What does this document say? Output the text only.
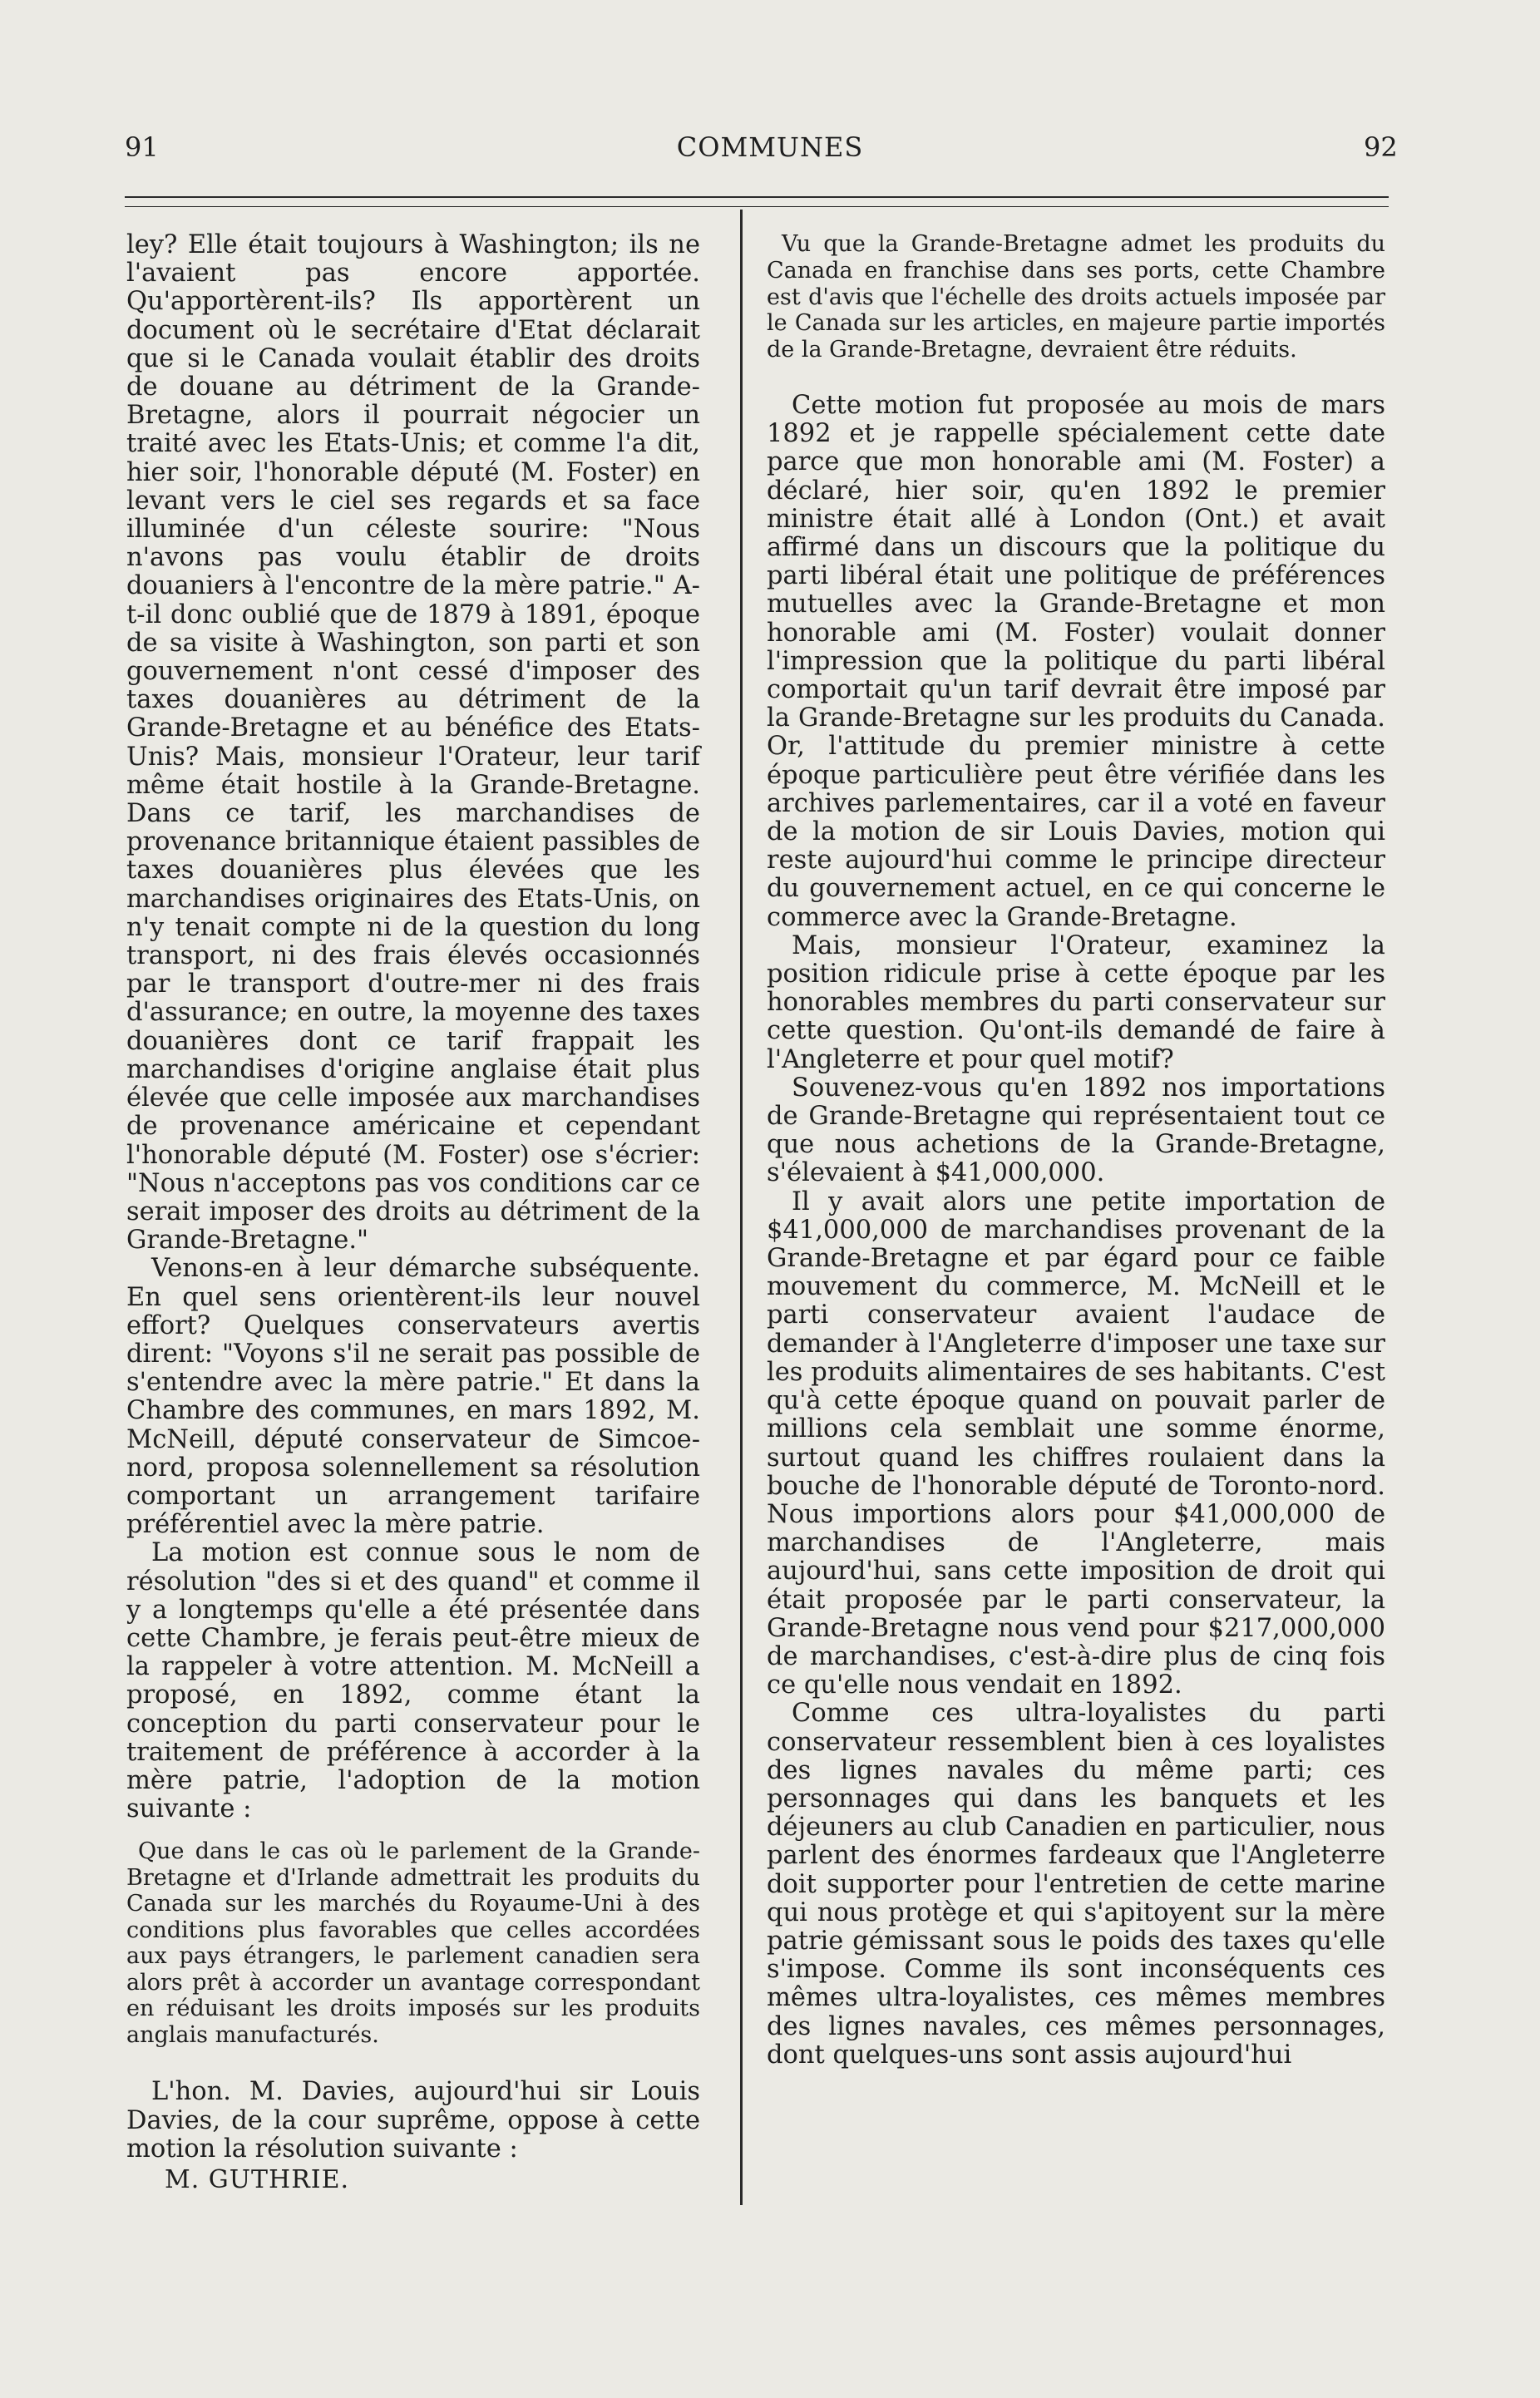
COMMUNES
91	92

ley? Elle était toujours à Washington; ils ne l'avaient pas encore apportée. Qu'apportèrent-ils? Ils apportèrent un document où le secrétaire d'Etat déclarait que si le Canada voulait établir des droits de douane au détriment de la Grande-Bretagne, alors il pourrait négocier un traité avec les Etats-Unis; et comme l'a dit, hier soir, l'honorable député (M. Foster) en levant vers le ciel ses regards et sa face illuminée d'un céleste sourire: "Nous n'avons pas voulu établir de droits douaniers à l'encontre de la mère patrie." A-t-il donc oublié que de 1879 à 1891, époque de sa visite à Washington, son parti et son gouvernement n'ont cessé d'imposer des taxes douanières au détriment de la Grande-Bretagne et au bénéfice des Etats-Unis? Mais, monsieur l'Orateur, leur tarif même était hostile à la Grande-Bretagne. Dans ce tarif, les marchandises de provenance britannique étaient passibles de taxes douanières plus élevées que les marchandises originaires des Etats-Unis, on n'y tenait compte ni de la question du long transport, ni des frais élevés occasionnés par le transport d'outre-mer ni des frais d'assurance; en outre, la moyenne des taxes douanières dont ce tarif frappait les marchandises d'origine anglaise était plus élevée que celle imposée aux marchandises de provenance américaine et cependant l'honorable député (M. Foster) ose s'écrier: "Nous n'acceptons pas vos conditions car ce serait imposer des droits au détriment de la Grande-Bretagne."

Venons-en à leur démarche subséquente. En quel sens orientèrent-ils leur nouvel effort? Quelques conservateurs avertis dirent: "Voyons s'il ne serait pas possible de s'entendre avec la mère patrie." Et dans la Chambre des communes, en mars 1892, M. McNeill, député conservateur de Simcoe-nord, proposa solennellement sa résolution comportant un arrangement tarifaire préférentiel avec la mère patrie.

La motion est connue sous le nom de résolution "des si et des quand" et comme il y a longtemps qu'elle a été présentée dans cette Chambre, je ferais peut-être mieux de la rappeler à votre attention. M. McNeill a proposé, en 1892, comme étant la conception du parti conservateur pour le traitement de préférence à accorder à la mère patrie, l'adoption de la motion suivante :

Que dans le cas où le parlement de la Grande-Bretagne et d'Irlande admettrait les produits du Canada sur les marchés du Royaume-Uni à des conditions plus favorables que celles accordées aux pays étrangers, le parlement canadien sera alors prêt à accorder un avantage correspondant en réduisant les droits imposés sur les produits anglais manufacturés.

L'hon. M. Davies, aujourd'hui sir Louis Davies, de la cour suprême, oppose à cette motion la résolution suivante :

M. GUTHRIE.

Vu que la Grande-Bretagne admet les produits du Canada en franchise dans ses ports, cette Chambre est d'avis que l'échelle des droits actuels imposée par le Canada sur les articles, en majeure partie importés de la Grande-Bretagne, devraient être réduits.

Cette motion fut proposée au mois de mars 1892 et je rappelle spécialement cette date parce que mon honorable ami (M. Foster) a déclaré, hier soir, qu'en 1892 le premier ministre était allé à London (Ont.) et avait affirmé dans un discours que la politique du parti libéral était une politique de préférences mutuelles avec la Grande-Bretagne et mon honorable ami (M. Foster) voulait donner l'impression que la politique du parti libéral comportait qu'un tarif devrait être imposé par la Grande-Bretagne sur les produits du Canada. Or, l'attitude du premier ministre à cette époque particulière peut être vérifiée dans les archives parlementaires, car il a voté en faveur de la motion de sir Louis Davies, motion qui reste aujourd'hui comme le principe directeur du gouvernement actuel, en ce qui concerne le commerce avec la Grande-Bretagne.

Mais, monsieur l'Orateur, examinez la position ridicule prise à cette époque par les honorables membres du parti conservateur sur cette question. Qu'ont-ils demandé de faire à l'Angleterre et pour quel motif?

Souvenez-vous qu'en 1892 nos importations de Grande-Bretagne qui représentaient tout ce que nous achetions de la Grande-Bretagne, s'élevaient à $41,000,000.

Il y avait alors une petite importation de $41,000,000 de marchandises provenant de la Grande-Bretagne et par égard pour ce faible mouvement du commerce, M. McNeill et le parti conservateur avaient l'audace de demander à l'Angleterre d'imposer une taxe sur les produits alimentaires de ses habitants. C'est qu'à cette époque quand on pouvait parler de millions cela semblait une somme énorme, surtout quand les chiffres roulaient dans la bouche de l'honorable député de Toronto-nord. Nous importions alors pour $41,000,000 de marchandises de l'Angleterre, mais aujourd'hui, sans cette imposition de droit qui était proposée par le parti conservateur, la Grande-Bretagne nous vend pour $217,000,000 de marchandises, c'est-à-dire plus de cinq fois ce qu'elle nous vendait en 1892.

Comme ces ultra-loyalistes du parti conservateur ressemblent bien à ces loyalistes des lignes navales du même parti; ces personnages qui dans les banquets et les déjeuners au club Canadien en particulier, nous parlent des énormes fardeaux que l'Angleterre doit supporter pour l'entretien de cette marine qui nous protège et qui s'apitoyent sur la mère patrie gémissant sous le poids des taxes qu'elle s'impose. Comme ils sont inconséquents ces mêmes ultra-loyalistes, ces mêmes membres des lignes navales, ces mêmes personnages, dont quelques-uns sont assis aujourd'hui
